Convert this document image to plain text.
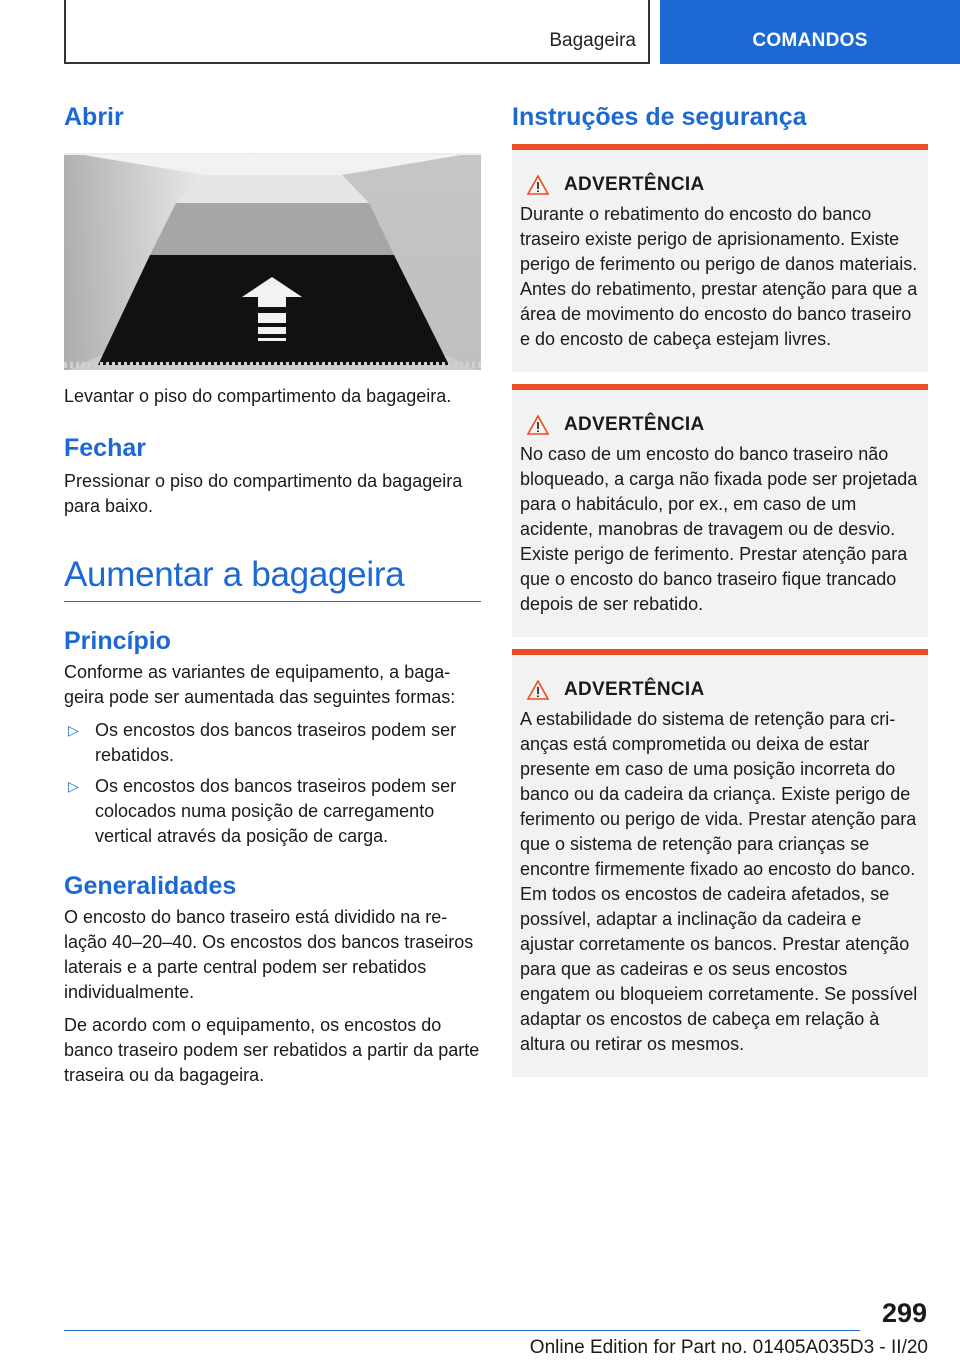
Bagageira	COMANDOS
Abrir

Levantar o piso do compartimento da bagageira.

Fechar

Pressionar o piso do compartimento da bagageira para baixo.

Aumentar a bagageira
Princípio

Conforme as variantes de equipamento, a bagageira pode ser aumentada das seguintes formas:

▷ Os encostos dos bancos traseiros podem ser rebatidos.
▷ Os encostos dos bancos traseiros podem ser colocados numa posição de carregamento vertical através da posição de carga.
Generalidades

O encosto do banco traseiro está dividido na relação 40–20–40. Os encostos dos bancos traseiros laterais e a parte central podem ser rebatidos individualmente.

De acordo com o equipamento, os encostos do banco traseiro podem ser rebatidos a partir da parte traseira ou da bagageira.

Instruções de segurança
ADVERTÊNCIA

Durante o rebatimento do encosto do banco traseiro existe perigo de aprisionamento. Existe perigo de ferimento ou perigo de danos materiais. Antes do rebatimento, prestar atenção para que a área de movimento do encosto do banco traseiro e do encosto de cabeça estejam livres.

ADVERTÊNCIA

No caso de um encosto do banco traseiro não bloqueado, a carga não fixada pode ser projetada para o habitáculo, por ex., em caso de um acidente, manobras de travagem ou de desvio. Existe perigo de ferimento. Prestar atenção para que o encosto do banco traseiro fique trancado depois de ser rebatido.

ADVERTÊNCIA

A estabilidade do sistema de retenção para crianças está comprometida ou deixa de estar presente em caso de uma posição incorreta do banco ou da cadeira da criança. Existe perigo de ferimento ou perigo de vida. Prestar atenção para que o sistema de retenção para crianças se encontre firmemente fixado ao encosto do banco. Em todos os encostos de cadeira afetados, se possível, adaptar a inclinação da cadeira e ajustar corretamente os bancos. Prestar atenção para que as cadeiras e os seus encostos engatem ou bloqueiem corretamente. Se possível adaptar os encostos de cabeça em relação à altura ou retirar os mesmos.

299
Online Edition for Part no. 01405A035D3 - II/20
